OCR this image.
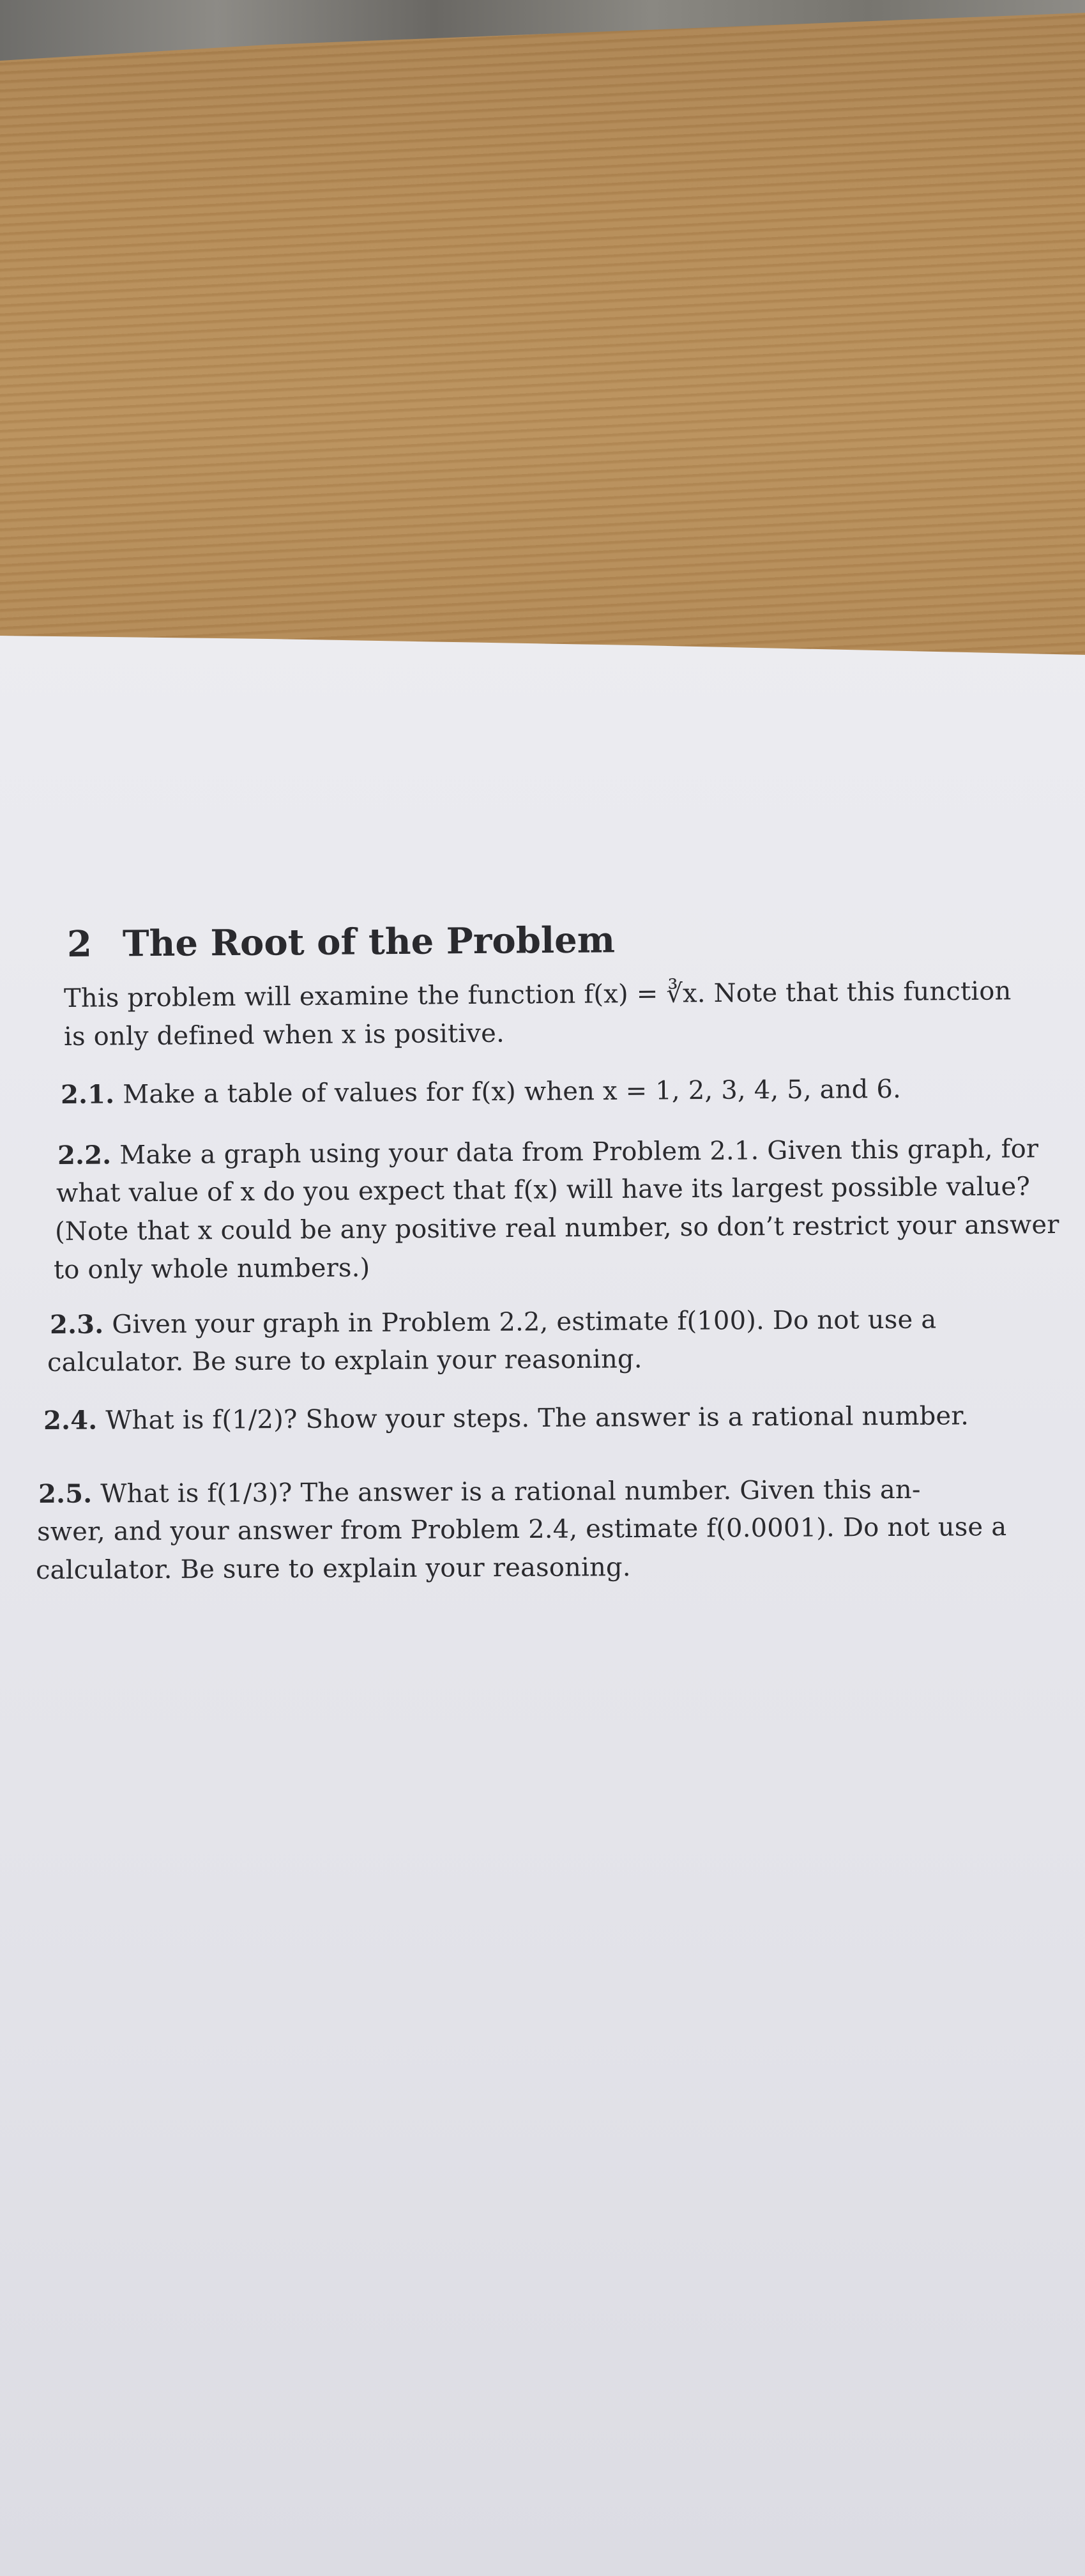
2 The Root of the Problem
This problem will examine the function f(x) = ∛x. Note that this function
is only defined when x is positive.
2.1. Make a table of values for f(x) when x = 1, 2, 3, 4, 5, and 6.
2.2. Make a graph using your data from Problem 2.1. Given this graph, for
what value of x do you expect that f(x) will have its largest possible value?
(Note that x could be any positive real number, so don’t restrict your answer
to only whole numbers.)
2.3. Given your graph in Problem 2.2, estimate f(100). Do not use a
calculator. Be sure to explain your reasoning.
2.4. What is f(1/2)? Show your steps. The answer is a rational number.
2.5. What is f(1/3)? The answer is a rational number. Given this an-
swer, and your answer from Problem 2.4, estimate f(0.0001). Do not use a
calculator. Be sure to explain your reasoning.
